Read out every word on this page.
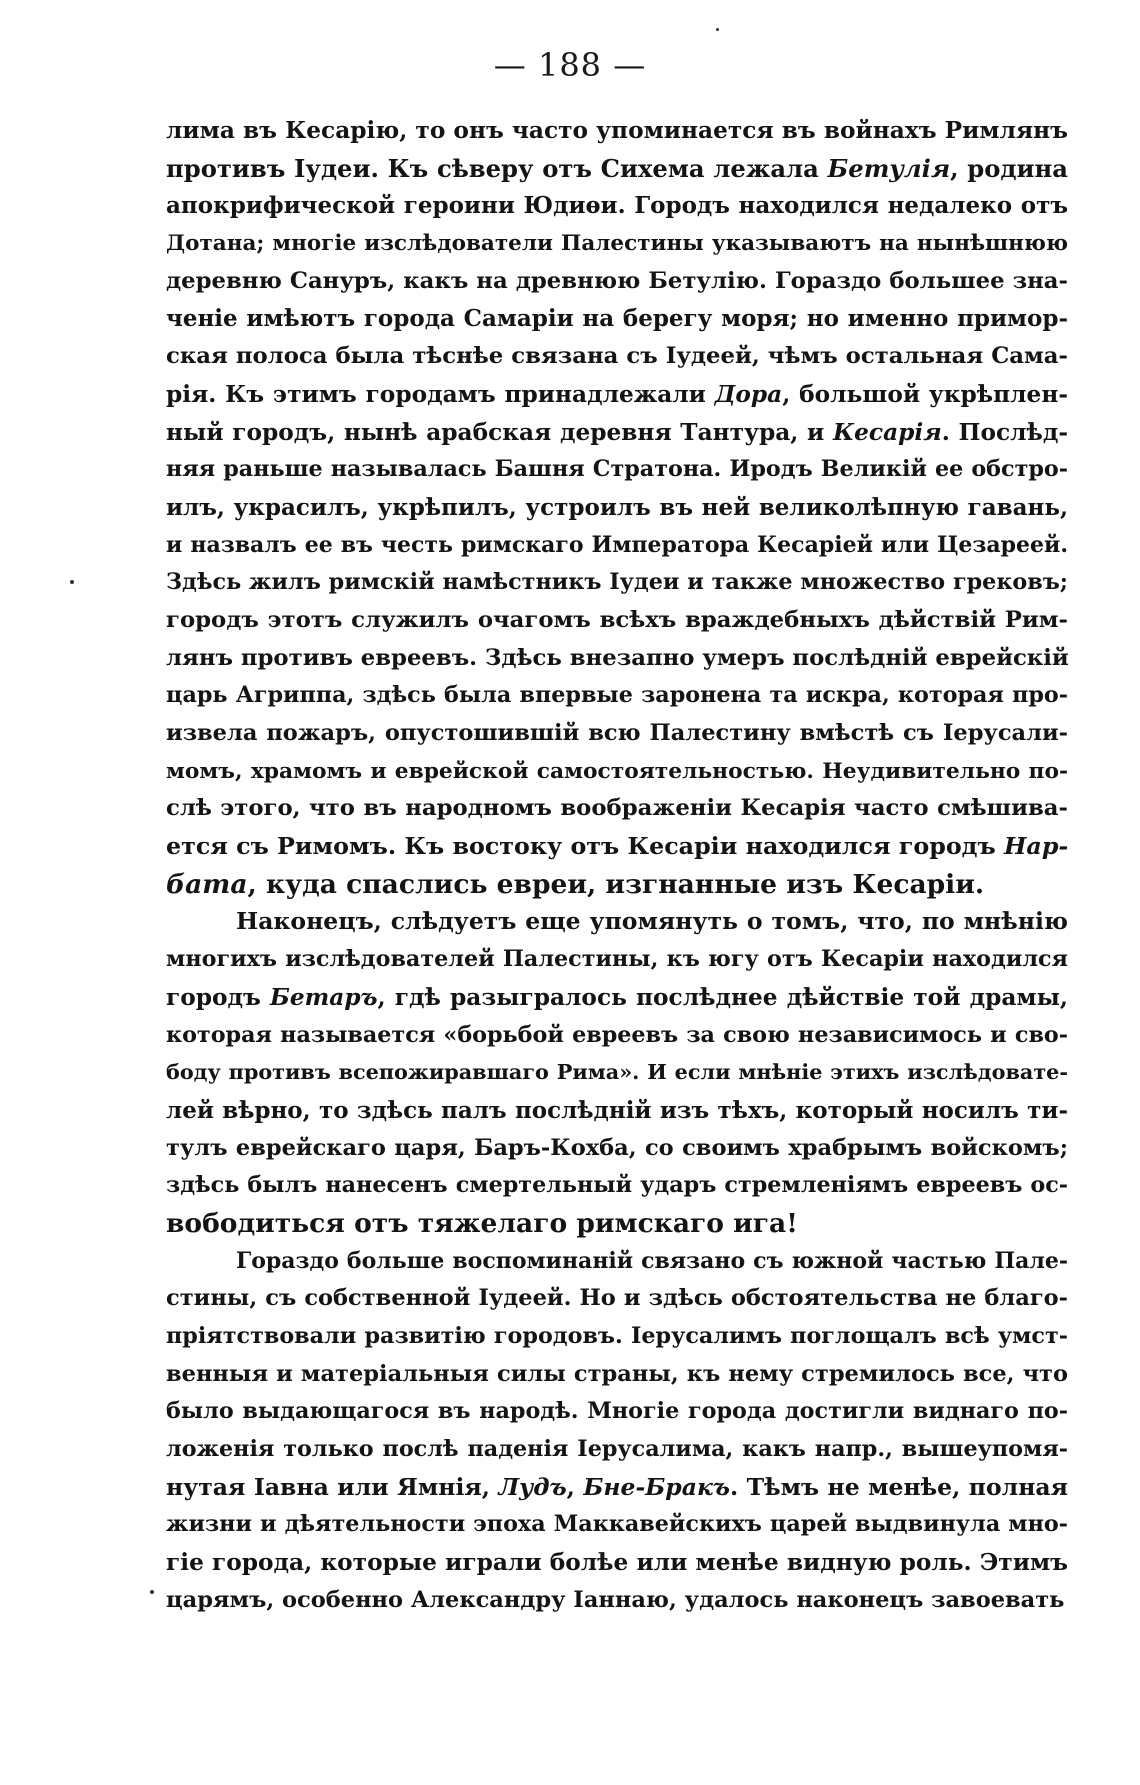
— 188 —
лима въ Кесарію, то онъ часто упоминается въ войнахъ Римлянъ
противъ Іудеи. Къ сѣверу отъ Сихема лежала Бетулія, родина
апокрифической героини Юдиѳи. Городъ находился недалеко отъ
Дотана; многіе изслѣдователи Палестины указываютъ на нынѣшнюю
деревню Сануръ, какъ на древнюю Бетулію. Гораздо большее зна-
ченіе имѣютъ города Самаріи на берегу моря; но именно примор-
ская полоса была тѣснѣе связана съ Іудеей, чѣмъ остальная Сама-
рія. Къ этимъ городамъ принадлежали Дора, большой укрѣплен-
ный городъ, нынѣ арабская деревня Тантура, и Кесарія. Послѣд-
няя раньше называлась Башня Стратона. Иродъ Великій ее обстро-
илъ, украсилъ, укрѣпилъ, устроилъ въ ней великолѣпную гавань,
и назвалъ ее въ честь римскаго Императора Кесаріей или Цезареей.
Здѣсь жилъ римскій намѣстникъ Іудеи и также множество грековъ;
городъ этотъ служилъ очагомъ всѣхъ враждебныхъ дѣйствій Рим-
лянъ противъ евреевъ. Здѣсь внезапно умеръ послѣдній еврейскій
царь Агриппа, здѣсь была впервые заронена та искра, которая про-
извела пожаръ, опустошившій всю Палестину вмѣстѣ съ Іерусали-
момъ, храмомъ и еврейской самостоятельностью. Неудивительно по-
слѣ этого, что въ народномъ воображеніи Кесарія часто смѣшива-
ется съ Римомъ. Къ востоку отъ Кесаріи находился городъ Нар-
бата, куда спаслись евреи, изгнанные изъ Кесаріи.
Наконецъ, слѣдуетъ еще упомянуть о томъ, что, по мнѣнію
многихъ изслѣдователей Палестины, къ югу отъ Кесаріи находился
городъ Бетаръ, гдѣ разыгралось послѣднее дѣйствіе той драмы,
которая называется «борьбой евреевъ за свою независимось и сво-
боду противъ всепожиравшаго Рима». И если мнѣніе этихъ изслѣдовате-
лей вѣрно, то здѣсь палъ послѣдній изъ тѣхъ, который носилъ ти-
тулъ еврейскаго царя, Баръ-Кохба, со своимъ храбрымъ войскомъ;
здѣсь былъ нанесенъ смертельный ударъ стремленіямъ евреевъ ос-
вободиться отъ тяжелаго римскаго ига!
Гораздо больше воспоминаній связано съ южной частью Пале-
стины, съ собственной Іудеей. Но и здѣсь обстоятельства не благо-
пріятствовали развитію городовъ. Іерусалимъ поглощалъ всѣ умст-
венныя и матеріальныя силы страны, къ нему стремилось все, что
было выдающагося въ народѣ. Многіе города достигли виднаго по-
ложенія только послѣ паденія Іерусалима, какъ напр., вышеупомя-
нутая Іавна или Ямнія, Лудъ, Бне-Бракъ. Тѣмъ не менѣе, полная
жизни и дѣятельности эпоха Маккавейскихъ царей выдвинула мно-
гіе города, которые играли болѣе или менѣе видную роль. Этимъ
царямъ, особенно Александру Іаннаю, удалось наконецъ завоевать
